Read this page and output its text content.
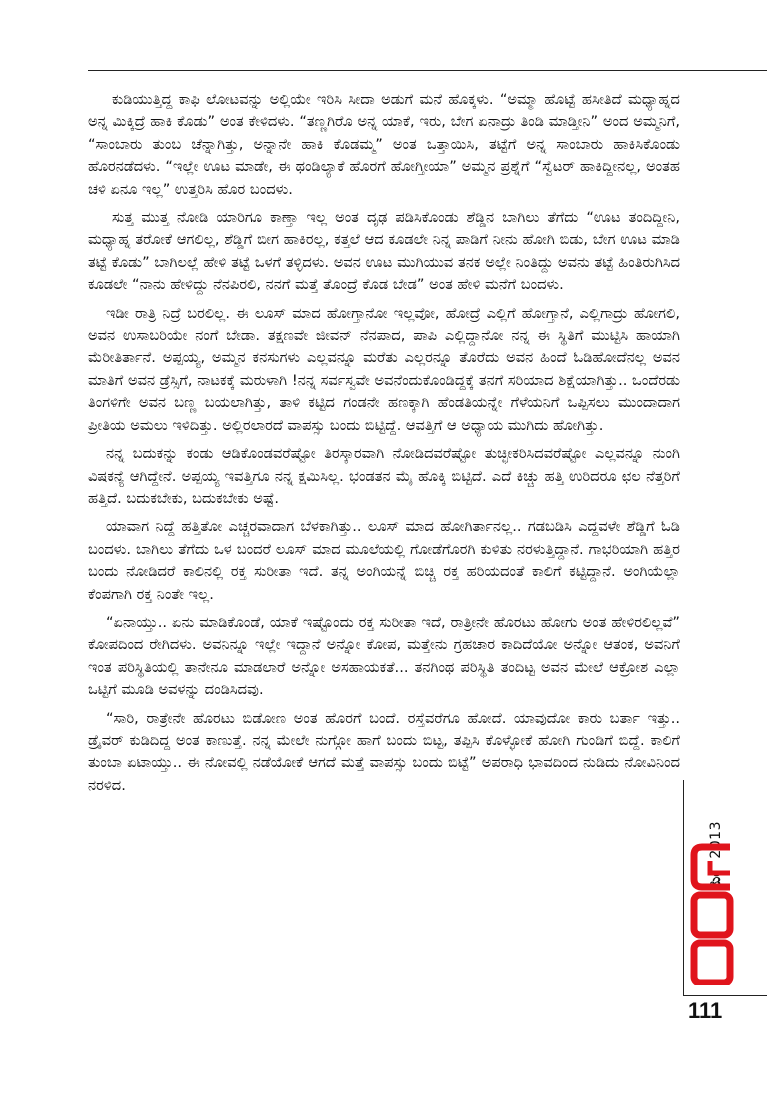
ಕುಡಿಯುತ್ತಿದ್ದ ಕಾಫಿ ಲೋಟವನ್ನು ಅಲ್ಲಿಯೇ ಇರಿಸಿ ಸೀದಾ ಅಡುಗೆ ಮನೆ ಹೊಕ್ಕಳು. “ಅಮ್ಮಾ ಹೊಟ್ಟೆ ಹಸೀತಿದೆ ಮಧ್ಯಾಹ್ನದ ಅನ್ನ ಮಿಕ್ಕಿದ್ರೆ ಹಾಕಿ ಕೊಡು” ಅಂತ ಕೇಳಿದಳು. “ತಣ್ಣಗಿರೊ ಅನ್ನ ಯಾಕೆ, ಇರು, ಬೇಗ ಏನಾದ್ರು ತಿಂಡಿ ಮಾಡ್ತೀನಿ” ಅಂದ ಅಮ್ಮನಿಗೆ, “ಸಾಂಬಾರು ತುಂಬ ಚೆನ್ನಾಗಿತ್ತು, ಅನ್ನಾನೇ ಹಾಕಿ ಕೊಡಮ್ಮ” ಅಂತ ಒತ್ತಾಯಿಸಿ, ತಟ್ಟೆಗೆ ಅನ್ನ ಸಾಂಬಾರು ಹಾಕಿಸಿಕೊಂಡು ಹೊರನಡೆದಳು. “ಇಲ್ಲೇ ಊಟ ಮಾಡೇ, ಈ ಥಂಡಿಲ್ಯಾಕೆ ಹೊರಗೆ ಹೋಗ್ತೀಯಾ” ಅಮ್ಮನ ಪ್ರಶ್ನೆಗೆ “ಸ್ವೆಟರ್ ಹಾಕಿದ್ದೀನಲ್ಲ, ಅಂತಹ ಚಳಿ ಏನೂ ಇಲ್ಲ” ಉತ್ತರಿಸಿ ಹೊರ ಬಂದಳು.

ಸುತ್ತ ಮುತ್ತ ನೋಡಿ ಯಾರಿಗೂ ಕಾಣ್ತಾ ಇಲ್ಲ ಅಂತ ದೃಢ ಪಡಿಸಿಕೊಂಡು ಶೆಡ್ಡಿನ ಬಾಗಿಲು ತೆಗೆದು “ಊಟ ತಂದಿದ್ದೀನಿ, ಮಧ್ಯಾಹ್ನ ತರೋಕೆ ಆಗಲಿಲ್ಲ, ಶೆಡ್ಡಿಗೆ ಬೀಗ ಹಾಕಿರಲ್ಲ, ಕತ್ತಲೆ ಆದ ಕೂಡಲೇ ನಿನ್ನ ಪಾಡಿಗೆ ನೀನು ಹೋಗಿ ಬಿಡು, ಬೇಗ ಊಟ ಮಾಡಿ ತಟ್ಟೆ ಕೊಡು” ಬಾಗಿಲಲ್ಲೆ ಹೇಳಿ ತಟ್ಟೆ ಒಳಗೆ ತಳ್ಳಿದಳು. ಅವನ ಊಟ ಮುಗಿಯುವ ತನಕ ಅಲ್ಲೇ ನಿಂತಿದ್ದು ಅವನು ತಟ್ಟೆ ಹಿಂತಿರುಗಿಸಿದ ಕೂಡಲೇ “ನಾನು ಹೇಳಿದ್ದು ನೆನಪಿರಲಿ, ನನಗೆ ಮತ್ತೆ ತೊಂದ್ರೆ ಕೊಡ ಬೇಡ” ಅಂತ ಹೇಳಿ ಮನೆಗೆ ಬಂದಳು.

ಇಡೀ ರಾತ್ರಿ ನಿದ್ರೆ ಬರಲಿಲ್ಲ. ಈ ಲೂಸ್ ಮಾದ ಹೋಗ್ತಾನೋ ಇಲ್ಲವೋ, ಹೋದ್ರೆ ಎಲ್ಲಿಗೆ ಹೋಗ್ತಾನೆ, ಎಲ್ಲಿಗಾದ್ರು ಹೋಗಲಿ, ಅವನ ಉಸಾಬರಿಯೇ ನಂಗೆ ಬೇಡಾ. ತಕ್ಷಣವೇ ಜೀವನ್ ನೆನಪಾದ, ಪಾಪಿ ಎಲ್ಲಿದ್ದಾನೋ ನನ್ನ ಈ ಸ್ಥಿತಿಗೆ ಮುಟ್ಟಿಸಿ ಹಾಯಾಗಿ ಮೆರೀತಿರ್ತಾನೆ. ಅಪ್ಪಯ್ಯ, ಅಮ್ಮನ ಕನಸುಗಳು ಎಲ್ಲವನ್ನೂ ಮರೆತು ಎಲ್ಲರನ್ನೂ ತೊರೆದು ಅವನ ಹಿಂದೆ ಓಡಿಹೋದೆನಲ್ಲ ಅವನ ಮಾತಿಗೆ ಅವನ ಡ್ರೆಸ್ಸಿಗೆ, ನಾಟಕಕ್ಕೆ ಮರುಳಾಗಿ !ನನ್ನ ಸರ್ವಸ್ವವೇ ಅವನೆಂದುಕೊಂಡಿದ್ದಕ್ಕೆ ತನಗೆ ಸರಿಯಾದ ಶಿಕ್ಷೆಯಾಗಿತ್ತು.. ಒಂದೆರಡು ತಿಂಗಳಿಗೇ ಅವನ ಬಣ್ಣ ಬಯಲಾಗಿತ್ತು, ತಾಳಿ ಕಟ್ಟಿದ ಗಂಡನೇ ಹಣಕ್ಕಾಗಿ ಹೆಂಡತಿಯನ್ನೇ ಗೆಳೆಯನಿಗೆ ಒಪ್ಪಿಸಲು ಮುಂದಾದಾಗ ಪ್ರೀತಿಯ ಅಮಲು ಇಳಿದಿತ್ತು. ಅಲ್ಲಿರಲಾರದೆ ವಾಪಸ್ಸು ಬಂದು ಬಿಟ್ಟಿದ್ದೆ. ಆವತ್ತಿಗೆ ಆ ಅಧ್ಯಾಯ ಮುಗಿದು ಹೋಗಿತ್ತು.

ನನ್ನ ಬದುಕನ್ನು ಕಂಡು ಆಡಿಕೊಂಡವರೆಷ್ಟೋ ತಿರಸ್ಕಾರವಾಗಿ ನೋಡಿದವರೆಷ್ಟೋ ತುಚ್ಛೀಕರಿಸಿದವರೆಷ್ಟೋ ಎಲ್ಲವನ್ನೂ ನುಂಗಿ ವಿಷಕನ್ಯೆ ಆಗಿದ್ದೇನೆ. ಅಪ್ಪಯ್ಯ ಇವತ್ತಿಗೂ ನನ್ನ ಕ್ಷಮಿಸಿಲ್ಲ. ಭಂಡತನ ಮೈ ಹೊಕ್ಕಿ ಬಿಟ್ಟಿದೆ. ಎದೆ ಕಿಚ್ಚು ಹತ್ತಿ ಉರಿದರೂ ಛಲ ನೆತ್ತರಿಗೆ ಹತ್ತಿದೆ. ಬದುಕಬೇಕು, ಬದುಕಬೇಕು ಅಷ್ಟೆ.

ಯಾವಾಗ ನಿದ್ದೆ ಹತ್ತಿತೋ ಎಚ್ಚರವಾದಾಗ ಬೆಳಕಾಗಿತ್ತು.. ಲೂಸ್ ಮಾದ ಹೋಗಿರ್ತಾನಲ್ಲ.. ಗಡಬಡಿಸಿ ಎದ್ದವಳೇ ಶೆಡ್ಡಿಗೆ ಓಡಿ ಬಂದಳು. ಬಾಗಿಲು ತೆಗೆದು ಒಳ ಬಂದರೆ ಲೂಸ್ ಮಾದ ಮೂಲೆಯಲ್ಲಿ ಗೋಡೆಗೊರಗಿ ಕುಳಿತು ನರಳುತ್ತಿದ್ದಾನೆ. ಗಾಭರಿಯಾಗಿ ಹತ್ತಿರ ಬಂದು ನೋಡಿದರೆ ಕಾಲಿನಲ್ಲಿ ರಕ್ತ ಸುರೀತಾ ಇದೆ. ತನ್ನ ಅಂಗಿಯನ್ನೆ ಬಿಚ್ಚಿ ರಕ್ತ ಹರಿಯದಂತೆ ಕಾಲಿಗೆ ಕಟ್ಟಿದ್ದಾನೆ. ಅಂಗಿಯೆಲ್ಲಾ ಕೆಂಪಗಾಗಿ ರಕ್ತ ನಿಂತೇ ಇಲ್ಲ.

“ಏನಾಯ್ತು.. ಏನು ಮಾಡಿಕೊಂಡೆ, ಯಾಕೆ ಇಷ್ಟೊಂದು ರಕ್ತ ಸುರೀತಾ ಇದೆ, ರಾತ್ರೀನೇ ಹೊರಟು ಹೋಗು ಅಂತ ಹೇಳಿರಲಿಲ್ಲವೆ” ಕೋಪದಿಂದ ರೇಗಿದಳು. ಅವನಿನ್ನೂ ಇಲ್ಲೇ ಇದ್ದಾನೆ ಅನ್ನೋ ಕೋಪ, ಮತ್ತೇನು ಗ್ರಹಚಾರ ಕಾದಿದೆಯೋ ಅನ್ನೋ ಆತಂಕ, ಅವನಿಗೆ ಇಂತ ಪರಿಸ್ಥಿತಿಯಲ್ಲಿ ತಾನೇನೂ ಮಾಡಲಾರೆ ಅನ್ನೋ ಅಸಹಾಯಕತೆ... ತನಗಿಂಥ ಪರಿಸ್ಥಿತಿ ತಂದಿಟ್ಟ ಅವನ ಮೇಲೆ ಆಕ್ರೋಶ ಎಲ್ಲಾ ಒಟ್ಟಿಗೆ ಮೂಡಿ ಅವಳನ್ನು ದಂಡಿಸಿದವು.

“ಸಾರಿ, ರಾತ್ರೇನೇ ಹೊರಟು ಬಿಡೋಣ ಅಂತ ಹೊರಗೆ ಬಂದೆ. ರಸ್ತೆವರೆಗೂ ಹೋದೆ. ಯಾವುದೋ ಕಾರು ಬರ್ತಾ ಇತ್ತು.. ಡ್ರೈವರ್ ಕುಡಿದಿದ್ದ ಅಂತ ಕಾಣುತ್ತೆ. ನನ್ನ ಮೇಲೇ ನುಗ್ಗೋ ಹಾಗೆ ಬಂದು ಬಿಟ್ಟ, ತಪ್ಪಿಸಿ ಕೊಳ್ಳೋಕೆ ಹೋಗಿ ಗುಂಡಿಗೆ ಬಿದ್ದೆ. ಕಾಲಿಗೆ ತುಂಬಾ ಏಟಾಯ್ತು.. ಈ ನೋವಲ್ಲಿ ನಡೆಯೋಕೆ ಆಗದೆ ಮತ್ತೆ ವಾಪಸ್ಸು ಬಂದು ಬಿಟ್ಟೆ” ಅಪರಾಧಿ ಭಾವದಿಂದ ನುಡಿದು ನೋವಿನಿಂದ ನರಳಿದ.

ಮೇ 2013
111
